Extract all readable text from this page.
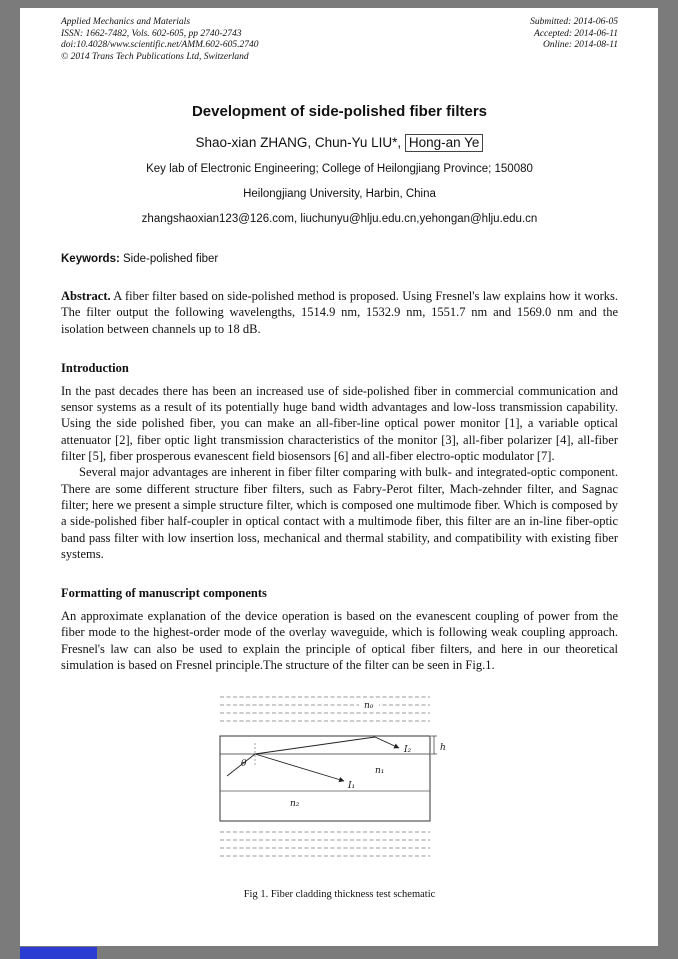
Applied Mechanics and Materials
ISSN: 1662-7482, Vols. 602-605, pp 2740-2743
doi:10.4028/www.scientific.net/AMM.602-605.2740
© 2014 Trans Tech Publications Ltd, Switzerland
Submitted: 2014-06-05
Accepted: 2014-06-11
Online: 2014-08-11
Development of side-polished fiber filters
Shao-xian ZHANG, Chun-Yu LIU*, Hong-an Ye
Key lab of Electronic Engineering; College of Heilongjiang Province; 150080
Heilongjiang University, Harbin, China
zhangshaoxian123@126.com, liuchunyu@hlju.edu.cn,yehongan@hlju.edu.cn
Keywords: Side-polished fiber
Abstract. A fiber filter based on side-polished method is proposed. Using Fresnel's law explains how it works. The filter output the following wavelengths, 1514.9 nm, 1532.9 nm, 1551.7 nm and 1569.0 nm and the isolation between channels up to 18 dB.
Introduction

In the past decades there has been an increased use of side-polished fiber in commercial communication and sensor systems as a result of its potentially huge band width advantages and low-loss transmission capability. Using the side polished fiber, you can make an all-fiber-line optical power monitor [1], a variable optical attenuator [2], fiber optic light transmission characteristics of the monitor [3], all-fiber polarizer [4], all-fiber filter [5], fiber prosperous evanescent field biosensors [6] and all-fiber electro-optic modulator [7].

Several major advantages are inherent in fiber filter comparing with bulk- and integrated-optic component. There are some different structure fiber filters, such as Fabry-Perot filter, Mach-zehnder filter, and Sagnac filter; here we present a simple structure filter, which is composed one multimode fiber. Which is composed by a side-polished fiber half-coupler in optical contact with a multimode fiber, this filter are an in-line fiber-optic band pass filter with low insertion loss, mechanical and thermal stability, and compatibility with existing fiber systems.

Formatting of manuscript components

An approximate explanation of the device operation is based on the evanescent coupling of power from the fiber mode to the highest-order mode of the overlay waveguide, which is following weak coupling approach. Fresnel's law can also be used to explain the principle of optical fiber filters, and here in our theoretical simulation is based on Fresnel principle.The structure of the filter can be seen in Fig.1.

n₀
h
θ
I₂
I₁
n₁
n₂
Fig 1. Fiber cladding thickness test schematic
